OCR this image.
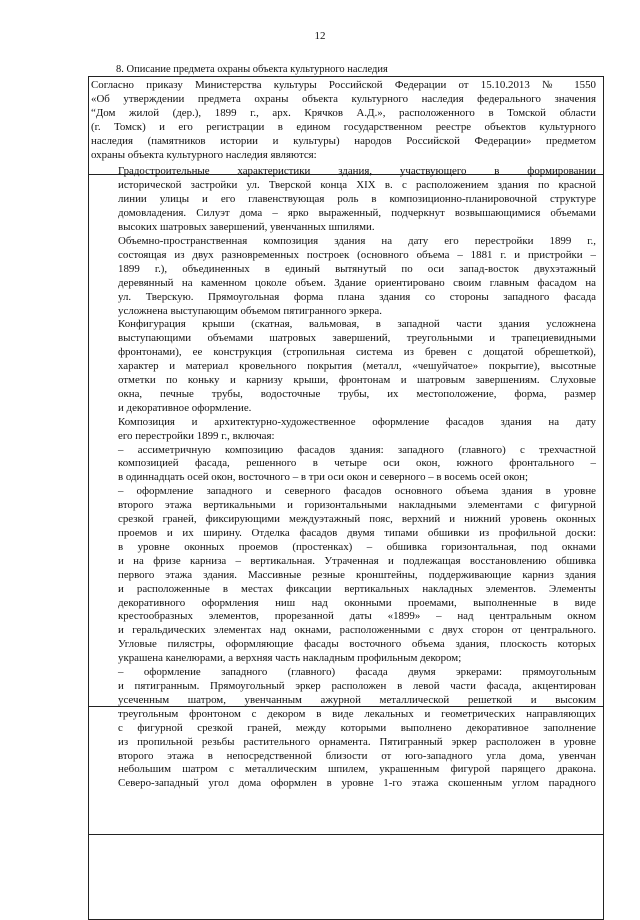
12
8. Описание предмета охраны объекта культурного наследия

Согласно приказу Министерства культуры Российской Федерации от 15.10.2013 № 1550
«Об утверждении предмета охраны объекта культурного наследия федерального значения
“Дом жилой (дер.), 1899 г., арх. Крячков А.Д.», расположенного в Томской области
(г. Томск) и его регистрации в едином государственном реестре объектов культурного
наследия (памятников истории и культуры) народов Российской Федерации» предметом
охраны объекта культурного наследия являются:

Градостроительные характеристики здания, участвующего в формировании
исторической застройки ул. Тверской конца XIX в. с расположением здания по красной
линии улицы и его главенствующая роль в композиционно-планировочной структуре
домовладения. Силуэт дома – ярко выраженный, подчеркнут возвышающимися объемами
высоких шатровых завершений, увенчанных шпилями.

Объемно-пространственная композиция здания на дату его перестройки 1899 г.,
состоящая из двух разновременных построек (основного объема – 1881 г. и пристройки –
1899 г.), объединенных в единый вытянутый по оси запад-восток двухэтажный
деревянный на каменном цоколе объем. Здание ориентировано своим главным фасадом на
ул. Тверскую. Прямоугольная форма плана здания со стороны западного фасада
усложнена выступающим объемом пятигранного эркера.

Конфигурация крыши (скатная, вальмовая, в западной части здания усложнена
выступающими объемами шатровых завершений, треугольными и трапециевидными
фронтонами), ее конструкция (стропильная система из бревен с дощатой обрешеткой),
характер и материал кровельного покрытия (металл, «чешуйчатое» покрытие), высотные
отметки по коньку и карнизу крыши, фронтонам и шатровым завершениям. Слуховые
окна, печные трубы, водосточные трубы, их местоположение, форма, размер
и декоративное оформление.

Композиция и архитектурно-художественное оформление фасадов здания на дату
его перестройки 1899 г., включая:

– ассиметричную композицию фасадов здания: западного (главного) с трехчастной
композицией фасада, решенного в четыре оси окон, южного фронтального –
в одиннадцать осей окон, восточного – в три оси окон и северного – в восемь осей окон;

– оформление западного и северного фасадов основного объема здания в уровне
второго этажа вертикальными и горизонтальными накладными элементами с фигурной
срезкой граней, фиксирующими междуэтажный пояс, верхний и нижний уровень оконных
проемов и их ширину. Отделка фасадов двумя типами обшивки из профильной доски:
в уровне оконных проемов (простенках) – обшивка горизонтальная, под окнами
и на фризе карниза – вертикальная. Утраченная и подлежащая восстановлению обшивка
первого этажа здания. Массивные резные кронштейны, поддерживающие карниз здания
и расположенные в местах фиксации вертикальных накладных элементов. Элементы
декоративного оформления ниш над оконными проемами, выполненные в виде
крестообразных элементов, прорезанной даты «1899» – над центральным окном
и геральдических элементах над окнами, расположенными с двух сторон от центрального.
Угловые пилястры, оформляющие фасады восточного объема здания, плоскость которых
украшена канелюрами, а верхняя часть накладным профильным декором;

– оформление западного (главного) фасада двумя эркерами: прямоугольным
и пятигранным. Прямоугольный эркер расположен в левой части фасада, акцентирован
усеченным шатром, увенчанным ажурной металлической решеткой и высоким
треугольным фронтоном с декором в виде лекальных и геометрических направляющих
с фигурной срезкой граней, между которыми выполнено декоративное заполнение
из пропильной резьбы растительного орнамента. Пятигранный эркер расположен в уровне
второго этажа в непосредственной близости от юго-западного угла дома, увенчан
небольшим шатром с металлическим шпилем, украшенным фигурой парящего дракона.
Северо-западный угол дома оформлен в уровне 1-го этажа скошенным углом парадного
